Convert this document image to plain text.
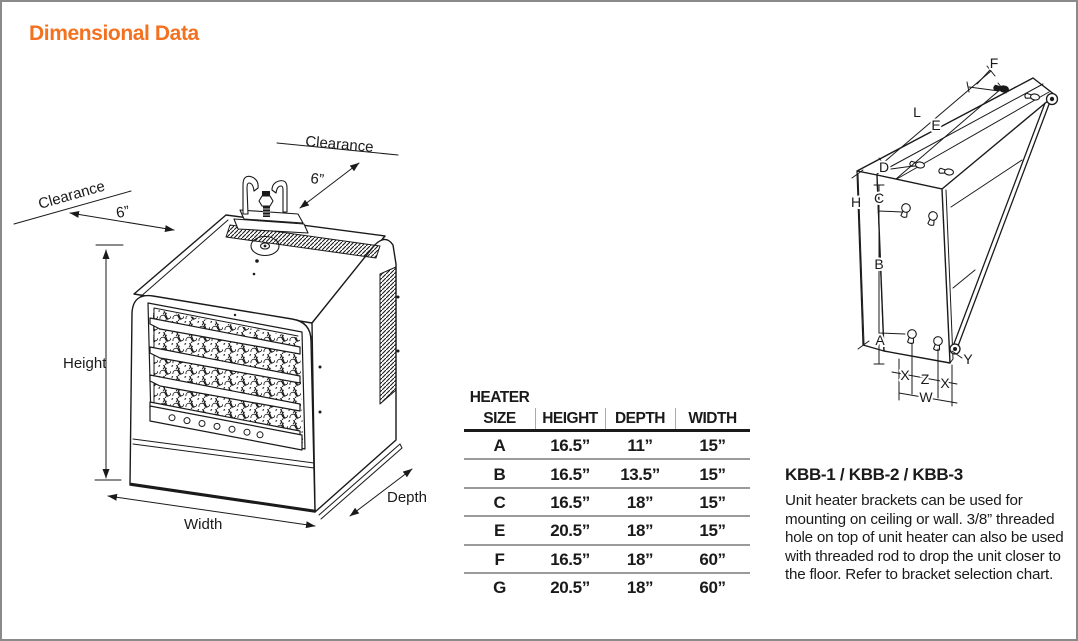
Dimensional Data
Clearance 6”
Clearance
6”
Height
Width
Depth
F
L
E
D
C
H
B
A
X Z X
W
Y
HEATER
SIZE	HEIGHT	DEPTH	WIDTH
A	16.5”	11”	15”
B	16.5”	13.5”	15”
C	16.5”	18”	15”
E	20.5”	18”	15”
F	16.5”	18”	60”
G	20.5”	18”	60”
KBB-1 / KBB-2 / KBB-3
Unit heater brackets can be used for
mounting on ceiling or wall. 3/8” threaded
hole on top of unit heater can also be used
with threaded rod to drop the unit closer to
the floor. Refer to bracket selection chart.
